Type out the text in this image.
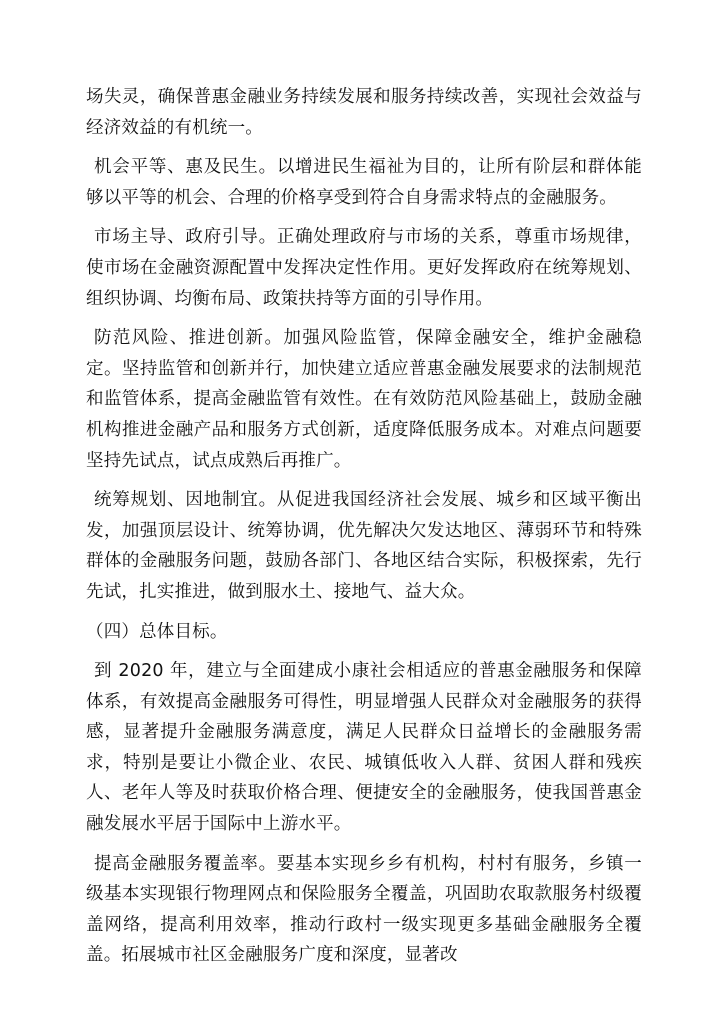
场失灵，确保普惠金融业务持续发展和服务持续改善，实现社会效益与经济效益的有机统一。

机会平等、惠及民生。以增进民生福祉为目的，让所有阶层和群体能够以平等的机会、合理的价格享受到符合自身需求特点的金融服务。

市场主导、政府引导。正确处理政府与市场的关系，尊重市场规律，使市场在金融资源配置中发挥决定性作用。更好发挥政府在统筹规划、组织协调、均衡布局、政策扶持等方面的引导作用。

防范风险、推进创新。加强风险监管，保障金融安全，维护金融稳定。坚持监管和创新并行，加快建立适应普惠金融发展要求的法制规范和监管体系，提高金融监管有效性。在有效防范风险基础上，鼓励金融机构推进金融产品和服务方式创新，适度降低服务成本。对难点问题要坚持先试点，试点成熟后再推广。

统筹规划、因地制宜。从促进我国经济社会发展、城乡和区域平衡出发，加强顶层设计、统筹协调，优先解决欠发达地区、薄弱环节和特殊群体的金融服务问题，鼓励各部门、各地区结合实际，积极探索，先行先试，扎实推进，做到服水土、接地气、益大众。

（四）总体目标。

到 2020 年，建立与全面建成小康社会相适应的普惠金融服务和保障体系，有效提高金融服务可得性，明显增强人民群众对金融服务的获得感，显著提升金融服务满意度，满足人民群众日益增长的金融服务需求，特别是要让小微企业、农民、城镇低收入人群、贫困人群和残疾人、老年人等及时获取价格合理、便捷安全的金融服务，使我国普惠金融发展水平居于国际中上游水平。

提高金融服务覆盖率。要基本实现乡乡有机构，村村有服务，乡镇一级基本实现银行物理网点和保险服务全覆盖，巩固助农取款服务村级覆盖网络，提高利用效率，推动行政村一级实现更多基础金融服务全覆盖。拓展城市社区金融服务广度和深度，显著改
